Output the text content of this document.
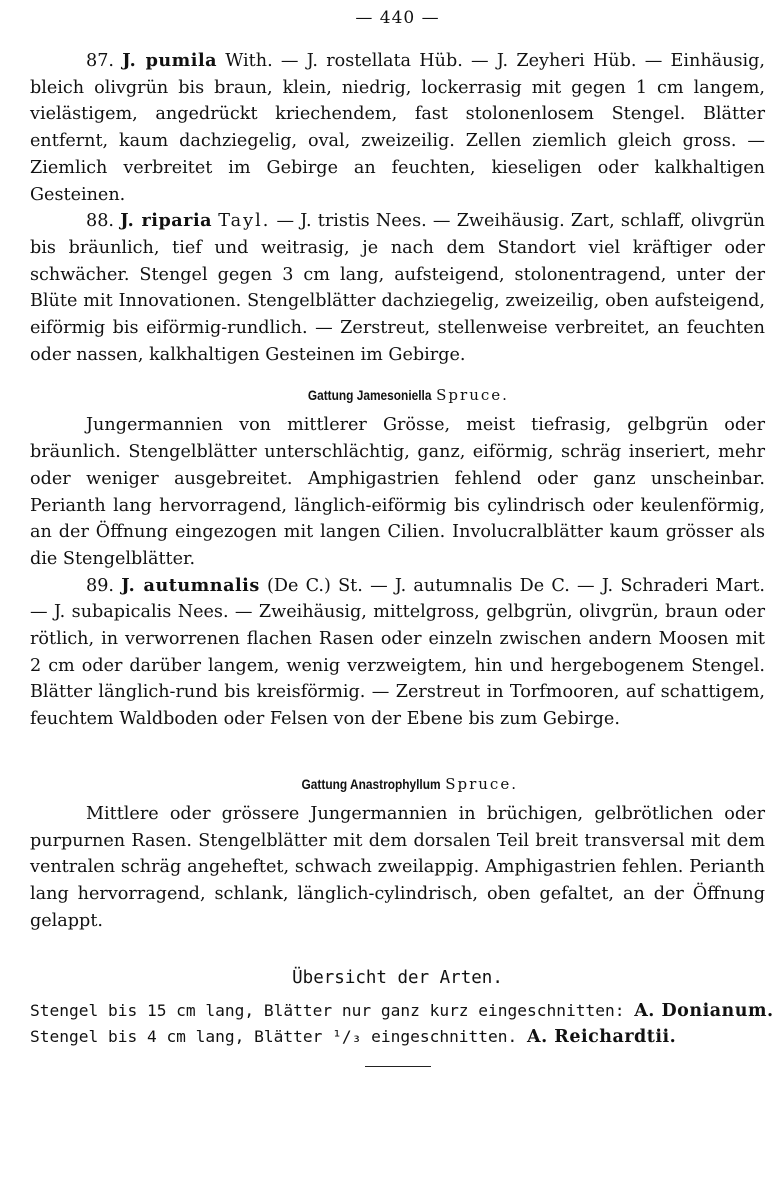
— 440 —

87. J. pumila With. — J. rostellata Hüb. — J. Zeyheri Hüb. — Einhäusig, bleich olivgrün bis braun, klein, niedrig, lockerrasig mit gegen 1 cm langem, vielästigem, angedrückt kriechendem, fast stolonenlosem Stengel. Blätter entfernt, kaum dachziegelig, oval, zweizeilig. Zellen ziemlich gleich gross. — Ziemlich verbreitet im Gebirge an feuchten, kieseligen oder kalkhaltigen Gesteinen.

88. J. riparia Tayl. — J. tristis Nees. — Zweihäusig. Zart, schlaff, olivgrün bis bräunlich, tief und weitrasig, je nach dem Standort viel kräftiger oder schwächer. Stengel gegen 3 cm lang, aufsteigend, stolonentragend, unter der Blüte mit Innovationen. Stengelblätter dachziegelig, zweizeilig, oben aufsteigend, eiförmig bis eiförmig-rundlich. — Zerstreut, stellenweise verbreitet, an feuchten oder nassen, kalkhaltigen Gesteinen im Gebirge.

Gattung Jamesoniella Spruce.

Jungermannien von mittlerer Grösse, meist tiefrasig, gelbgrün oder bräunlich. Stengelblätter unterschlächtig, ganz, eiförmig, schräg inseriert, mehr oder weniger ausgebreitet. Amphigastrien fehlend oder ganz unscheinbar. Perianth lang hervorragend, länglich-eiförmig bis cylindrisch oder keulenförmig, an der Öffnung eingezogen mit langen Cilien. Involucralblätter kaum grösser als die Stengelblätter.

89. J. autumnalis (De C.) St. — J. autumnalis De C. — J. Schraderi Mart. — J. subapicalis Nees. — Zweihäusig, mittelgross, gelbgrün, olivgrün, braun oder rötlich, in verworrenen flachen Rasen oder einzeln zwischen andern Moosen mit 2 cm oder darüber langem, wenig verzweigtem, hin und hergebogenem Stengel. Blätter länglich-rund bis kreisförmig. — Zerstreut in Torfmooren, auf schattigem, feuchtem Waldboden oder Felsen von der Ebene bis zum Gebirge.

Gattung Anastrophyllum Spruce.

Mittlere oder grössere Jungermannien in brüchigen, gelbrötlichen oder purpurnen Rasen. Stengelblätter mit dem dorsalen Teil breit transversal mit dem ventralen schräg angeheftet, schwach zweilappig. Amphigastrien fehlen. Perianth lang hervorragend, schlank, länglich-cylindrisch, oben gefaltet, an der Öffnung gelappt.

Übersicht der Arten.
Stengel bis 15 cm lang, Blätter nur ganz kurz eingeschnitten: A. Donianum.
Stengel bis 4 cm lang, Blätter ¹/₃ eingeschnitten. A. Reichardtii.
